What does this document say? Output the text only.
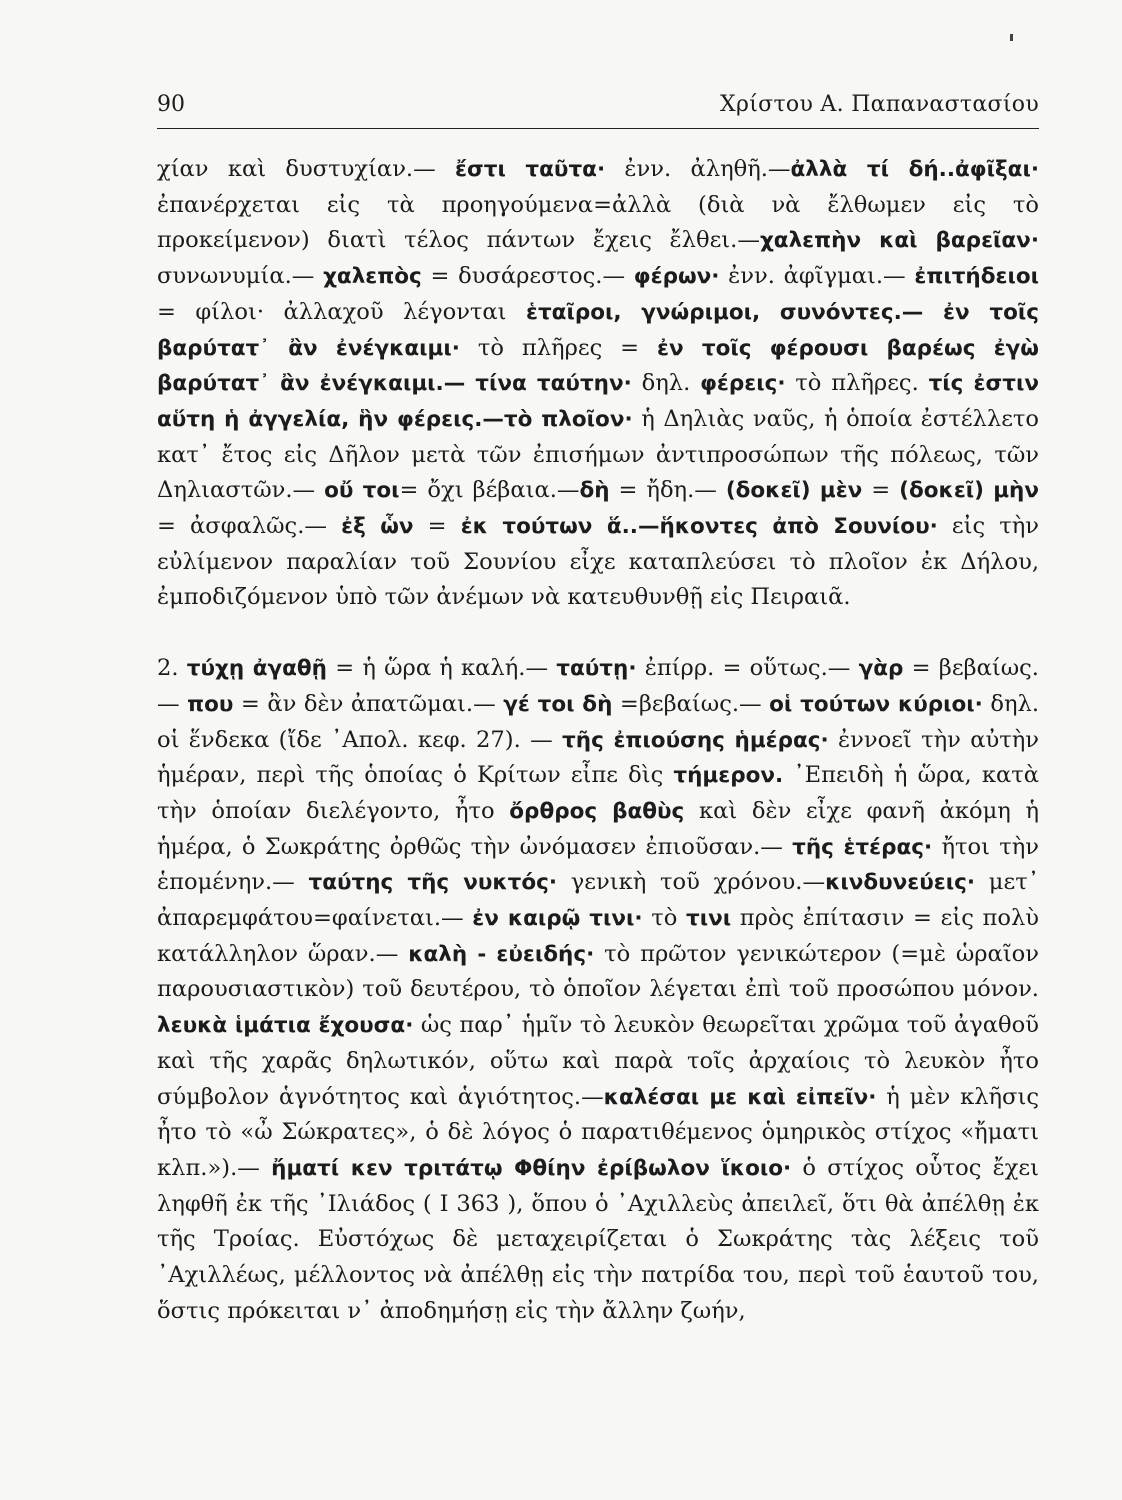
90	Χρίστου Α. Παπαναστασίου

χίαν καὶ δυστυχίαν.— ἔστι ταῦτα· ἐνν. ἀληθῆ.—ἀλλὰ τί δή..ἀφῖξαι· ἐπανέρχεται εἰς τὰ προηγούμενα=ἀλλὰ (διὰ νὰ ἔλθωμεν εἰς τὸ προκείμενον) διατὶ τέλος πάντων ἔχεις ἔλθει.—χαλεπὴν καὶ βαρεῖαν· συνωνυμία.— χαλεπὸς = δυσάρεστος.— φέρων· ἐνν. ἀφῖγμαι.— ἐπιτήδειοι = φίλοι· ἀλλαχοῦ λέγονται ἑταῖροι, γνώριμοι, συνόντες.— ἐν τοῖς βαρύτατ᾽ ἂν ἐνέγκαιμι· τὸ πλῆρες = ἐν τοῖς φέρουσι βαρέως ἐγὼ βαρύτατ᾽ ἂν ἐνέγκαιμι.— τίνα ταύτην· δηλ. φέρεις· τὸ πλῆρες. τίς ἐστιν αὕτη ἡ ἀγγελία, ἣν φέρεις.—τὸ πλοῖον· ἡ Δηλιὰς ναῦς, ἡ ὁποία ἐστέλλετο κατ᾽ ἔτος εἰς Δῆλον μετὰ τῶν ἐπισήμων ἀντιπροσώπων τῆς πόλεως, τῶν Δηλιαστῶν.— οὔ τοι= ὄχι βέβαια.—δὴ = ἤδη.— (δοκεῖ) μὲν = (δοκεῖ) μὴν = ἀσφαλῶς.— ἐξ ὧν = ἐκ τούτων ἅ..—ἥκοντες ἀπὸ Σουνίου· εἰς τὴν εὐλίμενον παραλίαν τοῦ Σουνίου εἶχε καταπλεύσει τὸ πλοῖον ἐκ Δήλου, ἐμποδιζόμενον ὑπὸ τῶν ἀνέμων νὰ κατευθυνθῇ εἰς Πειραιᾶ.

2. τύχῃ ἀγαθῇ = ἡ ὥρα ἡ καλή.— ταύτῃ· ἐπίρρ. = οὕτως.— γὰρ = βεβαίως.— που = ἂν δὲν ἀπατῶμαι.— γέ τοι δὴ =βεβαίως.— οἱ τούτων κύριοι· δηλ. οἱ ἕνδεκα (ἴδε ᾽Απολ. κεφ. 27). — τῆς ἐπιούσης ἡμέρας· ἐννοεῖ τὴν αὐτὴν ἡμέραν, περὶ τῆς ὁποίας ὁ Κρίτων εἶπε δὶς τήμερον. ᾽Επειδὴ ἡ ὥρα, κατὰ τὴν ὁποίαν διελέγοντο, ἦτο ὄρθρος βαθὺς καὶ δὲν εἶχε φανῆ ἀκόμη ἡ ἡμέρα, ὁ Σωκράτης ὀρθῶς τὴν ὠνόμασεν ἐπιοῦσαν.— τῆς ἑτέρας· ἤτοι τὴν ἑπομένην.— ταύτης τῆς νυκτός· γενικὴ τοῦ χρόνου.—κινδυνεύεις· μετ᾽ ἀπαρεμφάτου=φαίνεται.— ἐν καιρῷ τινι· τὸ τινι πρὸς ἐπίτασιν = εἰς πολὺ κατάλληλον ὥραν.— καλὴ - εὐειδής· τὸ πρῶτον γενικώτερον (=μὲ ὡραῖον παρουσιαστικὸν) τοῦ δευτέρου, τὸ ὁποῖον λέγεται ἐπὶ τοῦ προσώπου μόνον. λευκὰ ἱμάτια ἔχουσα· ὡς παρ᾽ ἡμῖν τὸ λευκὸν θεωρεῖται χρῶμα τοῦ ἀγαθοῦ καὶ τῆς χαρᾶς δηλωτικόν, οὕτω καὶ παρὰ τοῖς ἀρχαίοις τὸ λευκὸν ἦτο σύμβολον ἁγνότητος καὶ ἁγιότητος.—καλέσαι με καὶ εἰπεῖν· ἡ μὲν κλῆσις ἦτο τὸ «ὦ Σώκρατες», ὁ δὲ λόγος ὁ παρατιθέμενος ὁμηρικὸς στίχος «ἤματι κλπ.»).— ἤματί κεν τριτάτῳ Φθίην ἐρίβωλον ἵκοιο· ὁ στίχος οὗτος ἔχει ληφθῆ ἐκ τῆς ᾽Ιλιάδος ( Ι 363 ), ὅπου ὁ ᾽Αχιλλεὺς ἀπειλεῖ, ὅτι θὰ ἀπέλθῃ ἐκ τῆς Τροίας. Εὐστόχως δὲ μεταχειρίζεται ὁ Σωκράτης τὰς λέξεις τοῦ ᾽Αχιλλέως, μέλλοντος νὰ ἀπέλθῃ εἰς τὴν πατρίδα του, περὶ τοῦ ἑαυτοῦ του, ὅστις πρόκειται ν᾽ ἀποδημήσῃ εἰς τὴν ἄλλην ζωήν,
